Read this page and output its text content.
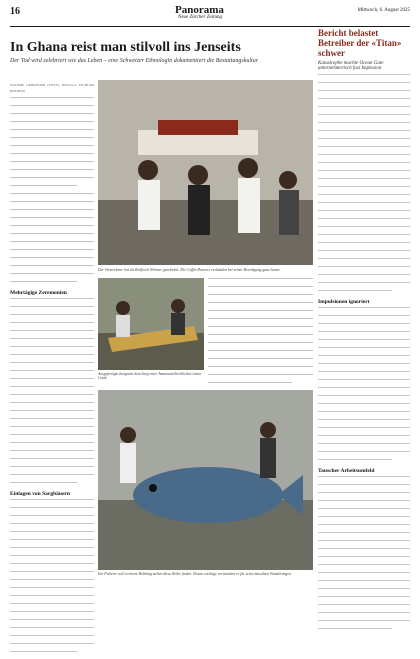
16	Panorama
Neue Zürcher Zeitung
Mittwoch, 6. August 2025
In Ghana reist man stilvoll ins Jenseits
Der Tod wird zelebriert wie das Leben – eine Schweizer Ethnologin dokumentiert die Bestattungskultur
NAOMIE GEBRÜDER (TEXT), REGULA TSCHUMI (BILDER)
Mehrtägige Zeremonien
Einlagen von Sargbäuern
Der Verstorbene hat als Redfrock-Nehmer gearbeitet. Die Coffin-Dancers verkünden bei seiner Beerdigung ganz Laune.
Ausgefertigte Insignien dem Sarg einer Amanaria/kirchlichen Lama Goah.
Ein Fisherer soll in einem Hobbing stehen diese Reihe finden. Daran wichtige verwundete er für seine täuschten Wanderungen.
Bericht belastet Betreiber der «Titan» schwer
Katastrophe machte Ocean Gate unternehmerisch fast Implosion
Impulsionen ignoriert
Tauscher Arbeitsumfeld
